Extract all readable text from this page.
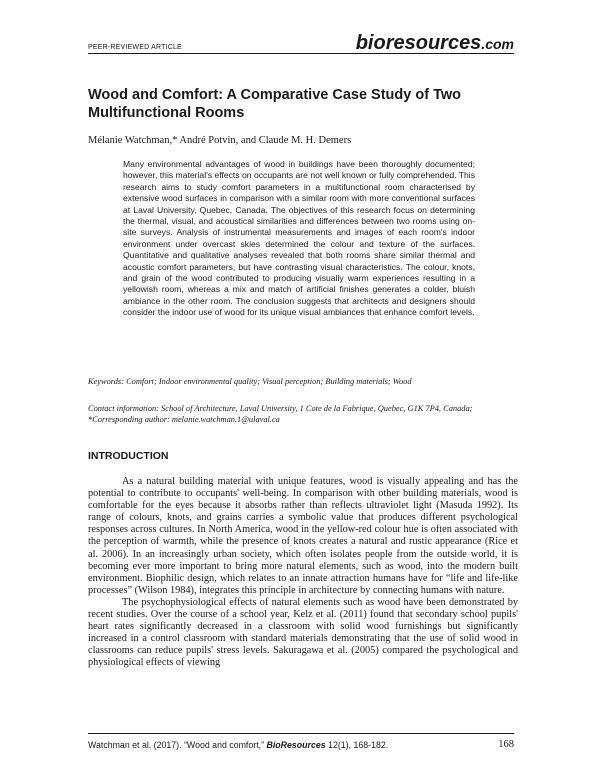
PEER-REVIEWED ARTICLE	bioresources.com
Wood and Comfort: A Comparative Case Study of Two Multifunctional Rooms
Mélanie Watchman,* André Potvin, and Claude M. H. Demers

Many environmental advantages of wood in buildings have been thoroughly documented; however, this material's effects on occupants are not well known or fully comprehended. This research aims to study comfort parameters in a multifunctional room characterised by extensive wood surfaces in comparison with a similar room with more conventional surfaces at Laval University, Quebec, Canada. The objectives of this research focus on determining the thermal, visual, and acoustical similarities and differences between two rooms using on-site surveys. Analysis of instrumental measurements and images of each room's indoor environment under overcast skies determined the colour and texture of the surfaces. Quantitative and qualitative analyses revealed that both rooms share similar thermal and acoustic comfort parameters, but have contrasting visual characteristics. The colour, knots, and grain of the wood contributed to producing visually warm experiences resulting in a yellowish room, whereas a mix and match of artificial finishes generates a colder, bluish ambiance in the other room. The conclusion suggests that architects and designers should consider the indoor use of wood for its unique visual ambiances that enhance comfort levels.

Keywords: Comfort; Indoor environmental quality; Visual perception; Building materials; Wood

Contact information: School of Architecture, Laval University, 1 Cote de la Fabrique, Quebec, G1K 7P4, Canada; *Corresponding author: melanie.watchman.1@ulaval.ca

INTRODUCTION

As a natural building material with unique features, wood is visually appealing and has the potential to contribute to occupants' well-being. In comparison with other building materials, wood is comfortable for the eyes because it absorbs rather than reflects ultraviolet light (Masuda 1992). Its range of colours, knots, and grains carries a symbolic value that produces different psychological responses across cultures. In North America, wood in the yellow-red colour hue is often associated with the perception of warmth, while the presence of knots creates a natural and rustic appearance (Rice et al. 2006). In an increasingly urban society, which often isolates people from the outside world, it is becoming ever more important to bring more natural elements, such as wood, into the modern built environment. Biophilic design, which relates to an innate attraction humans have for “life and life-like processes” (Wilson 1984), integrates this principle in architecture by connecting humans with nature.

The psychophysiological effects of natural elements such as wood have been demonstrated by recent studies. Over the course of a school year, Kelz et al. (2011) found that secondary school pupils' heart rates significantly decreased in a classroom with solid wood furnishings but significantly increased in a control classroom with standard materials demonstrating that the use of solid wood in classrooms can reduce pupils' stress levels. Sakuragawa et al. (2005) compared the psychological and physiological effects of viewing

Watchman et al. (2017). “Wood and comfort,” BioResources 12(1), 168-182.	168
